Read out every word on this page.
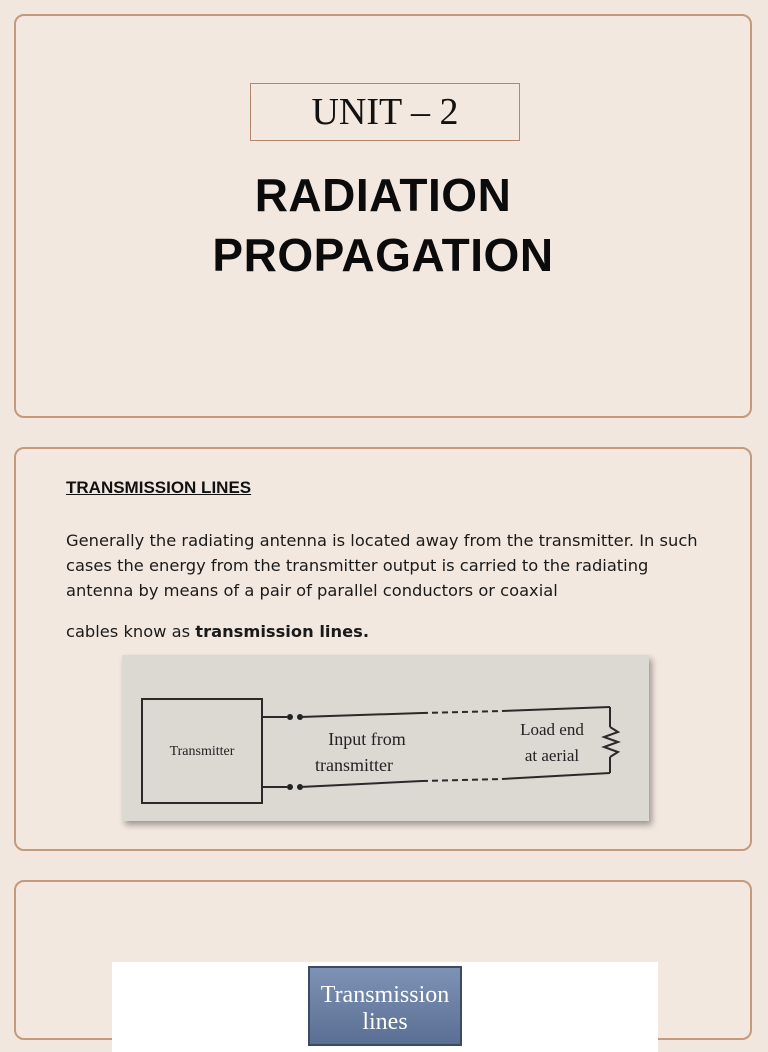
UNIT – 2
RADIATION
PROPAGATION
TRANSMISSION LINES
Generally the radiating antenna is located away from the transmitter. In such cases the energy from the transmitter output is carried to the radiating antenna by means of a pair of parallel conductors or coaxial
cables know as transmission lines.
Transmitter
Input from
transmitter
Load end
at aerial
Transmission lines
